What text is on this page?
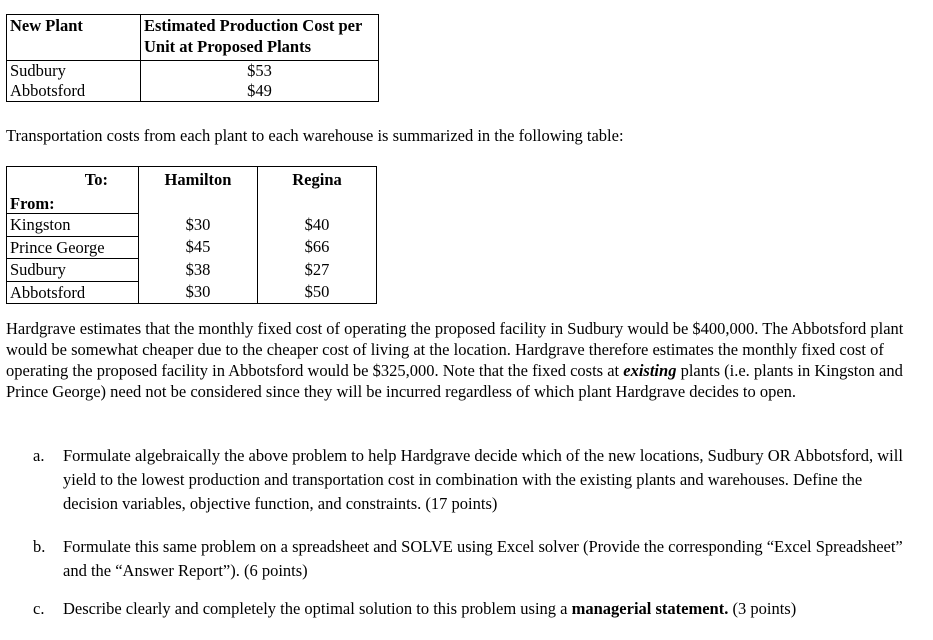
New Plant	Estimated Production Cost per Unit at Proposed Plants
Sudbury	$53
Abbotsford	$49
Transportation costs from each plant to each warehouse is summarized in the following table:
To:	Hamilton	Regina
From:		
Kingston	$30	$40
Prince George	$45	$66
Sudbury	$38	$27
Abbotsford	$30	$50
Hardgrave estimates that the monthly fixed cost of operating the proposed facility in Sudbury would be $400,000. The Abbotsford plant would be somewhat cheaper due to the cheaper cost of living at the location. Hardgrave therefore estimates the monthly fixed cost of operating the proposed facility in Abbotsford would be $325,000. Note that the fixed costs at existing plants (i.e. plants in Kingston and Prince George) need not be considered since they will be incurred regardless of which plant Hardgrave decides to open.
a.	Formulate algebraically the above problem to help Hardgrave decide which of the new locations, Sudbury OR Abbotsford, will yield to the lowest production and transportation cost in combination with the existing plants and warehouses. Define the decision variables, objective function, and constraints. (17 points)
b.	Formulate this same problem on a spreadsheet and SOLVE using Excel solver (Provide the corresponding “Excel Spreadsheet” and the “Answer Report”). (6 points)
c.	Describe clearly and completely the optimal solution to this problem using a managerial statement. (3 points)
